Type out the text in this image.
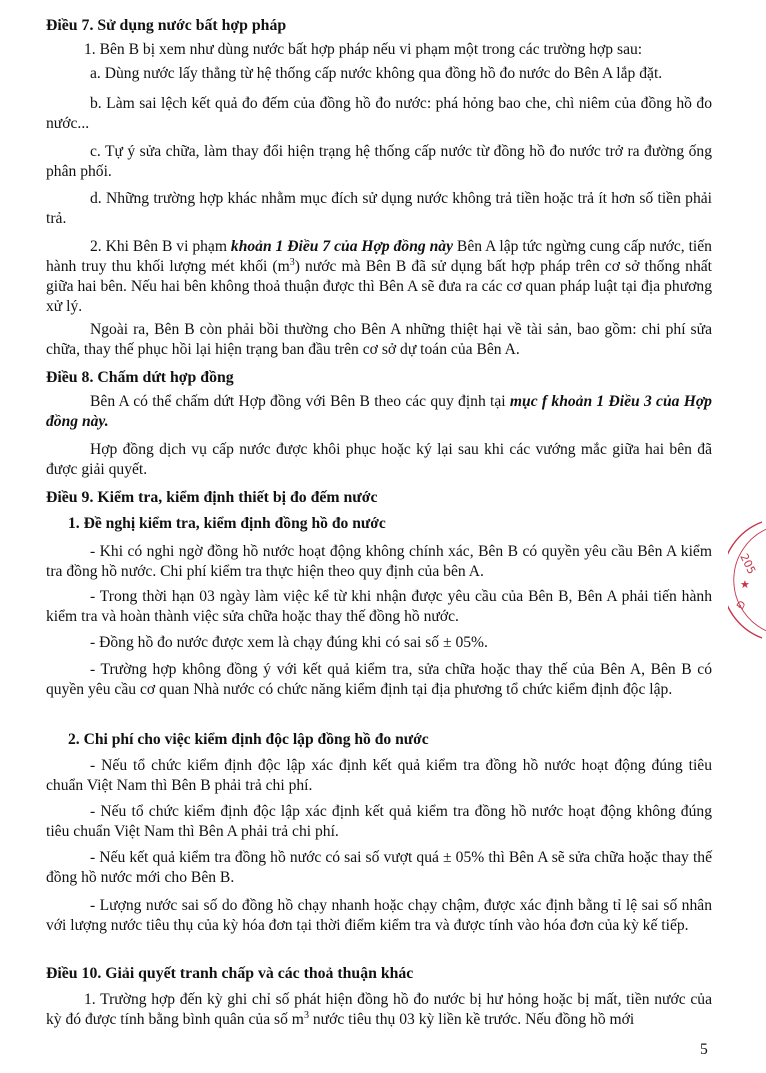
Điều 7. Sử dụng nước bất hợp pháp

1. Bên B bị xem như dùng nước bất hợp pháp nếu vi phạm một trong các trường hợp sau:

a. Dùng nước lấy thẳng từ hệ thống cấp nước không qua đồng hồ đo nước do Bên A lắp đặt.

b. Làm sai lệch kết quả đo đếm của đồng hồ đo nước: phá hỏng bao che, chì niêm của đồng hồ đo nước...

c. Tự ý sửa chữa, làm thay đổi hiện trạng hệ thống cấp nước từ đồng hồ đo nước trở ra đường ống phân phối.

d. Những trường hợp khác nhằm mục đích sử dụng nước không trả tiền hoặc trả ít hơn số tiền phải trả.

2. Khi Bên B vi phạm khoản 1 Điều 7 của Hợp đồng này Bên A lập tức ngừng cung cấp nước, tiến hành truy thu khối lượng mét khối $(m^3)$ nước mà Bên B đã sử dụng bất hợp pháp trên cơ sở thống nhất giữa hai bên. Nếu hai bên không thoả thuận được thì Bên A sẽ đưa ra các cơ quan pháp luật tại địa phương xử lý.

Ngoài ra, Bên B còn phải bồi thường cho Bên A những thiệt hại về tài sản, bao gồm: chi phí sửa chữa, thay thế phục hồi lại hiện trạng ban đầu trên cơ sở dự toán của Bên A.

Điều 8. Chấm dứt hợp đồng

Bên A có thể chấm dứt Hợp đồng với Bên B theo các quy định tại mục f khoản 1 Điều 3 của Hợp đồng này.

Hợp đồng dịch vụ cấp nước được khôi phục hoặc ký lại sau khi các vướng mắc giữa hai bên đã được giải quyết.

Điều 9. Kiểm tra, kiểm định thiết bị đo đếm nước
1. Đề nghị kiểm tra, kiểm định đồng hồ đo nước

- Khi có nghi ngờ đồng hồ nước hoạt động không chính xác, Bên B có quyền yêu cầu Bên A kiểm tra đồng hồ nước. Chi phí kiểm tra thực hiện theo quy định của bên A.

- Trong thời hạn 03 ngày làm việc kể từ khi nhận được yêu cầu của Bên B, Bên A phải tiến hành kiểm tra và hoàn thành việc sửa chữa hoặc thay thế đồng hồ nước.

- Đồng hồ đo nước được xem là chạy đúng khi có sai số ± 05%.

- Trường hợp không đồng ý với kết quả kiểm tra, sửa chữa hoặc thay thế của Bên A, Bên B có quyền yêu cầu cơ quan Nhà nước có chức năng kiểm định tại địa phương tổ chức kiểm định độc lập.

2. Chi phí cho việc kiểm định độc lập đồng hồ đo nước

- Nếu tổ chức kiểm định độc lập xác định kết quả kiểm tra đồng hồ nước hoạt động đúng tiêu chuẩn Việt Nam thì Bên B phải trả chi phí.

- Nếu tổ chức kiểm định độc lập xác định kết quả kiểm tra đồng hồ nước hoạt động không đúng tiêu chuẩn Việt Nam thì Bên A phải trả chi phí.

- Nếu kết quả kiểm tra đồng hồ nước có sai số vượt quá ± 05% thì Bên A sẽ sửa chữa hoặc thay thế đồng hồ nước mới cho Bên B.

- Lượng nước sai số do đồng hồ chạy nhanh hoặc chạy chậm, được xác định bằng tỉ lệ sai số nhân với lượng nước tiêu thụ của kỳ hóa đơn tại thời điểm kiểm tra và được tính vào hóa đơn của kỳ kế tiếp.

Điều 10. Giải quyết tranh chấp và các thoả thuận khác

1. Trường hợp đến kỳ ghi chỉ số phát hiện đồng hồ đo nước bị hư hỏng hoặc bị mất, tiền nước của kỳ đó được tính bằng bình quân của số $m^3$ nước tiêu thụ 03 kỳ liền kề trước. Nếu đồng hồ mới

5

205
★
Đ
